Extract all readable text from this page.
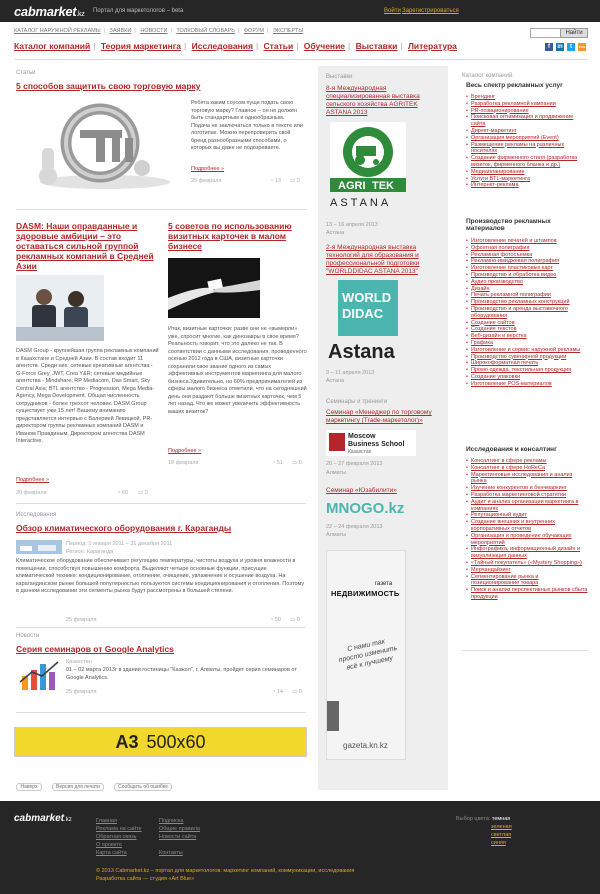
cabmarket.kz Портал для маркетологов – beta	Войти Зарегистрироваться
КАТАЛОГ НАРУЖНОЙ РЕКЛАМЫ | ЗАЯВКИ | НОВОСТИ | ТОЛКОВЫЙ СЛОВАРЬ | ФОРУМ | ЭКСПЕРТЫ
Каталог компаний | Теория маркетинга | Исследования | Статьи | Обучение | Выставки | Литература
Найти
f	in	t	rss
Статьи
5 способов защитить свою торговую марку
Ребята каким соусом пуще подать свою торговую марку? Главное – он не должен быть стандартным и однообразным. Подача не заключаться только в тексте или логотипах. Можно перепроверить свой бренд разнообразными способами, о которых вы даже не подозреваете.
Подробнее »
25 февраля	◔ 13 ▭ 0
DASM: Наши оправданные и здоровые амбиции – это оставаться сильной группой рекламных компаний в Средней Азии
DASM Group - крупнейшая группа рекламных компаний в Казахстане и Средней Азии. В состав входит 11 агентств. Среди них: сетевые креативные агентства - G-Force Grey, JWT, Crea Y&R; сетевые медийные агентства - Mindshare, RP Mediacom, Das Smart, Sky Central Asia; BTL агентство - Progression, Mega Media-Agency, Mega Development. Общая численность сотрудников - более трехсот человек. DASM Group существует уже 15 лет! Вашему вниманию представляется интервью с Валерией Левицкой, PR-директором группы рекламных компаний DASM и Иваном Правдиным, Директором агентства DASM Interactive.
Подробнее »
20 февраля	◔ 60 ▭ 0
5 советов по использованию визитных карточек в малом бизнесе
Итак, визитные карточки: разве они не «вымерли» уже, спросит многие, как динозавры в свое время? Реальность говорит, что это далеко не так. В соответствии с данными исследования, проведенного осенью 2012 года в США, визитные карточки сохранили свое звание одного из самых эффективных инструментов маркетинга для малого бизнеса.Удивительно, но 60% предпринимателей из сферы малого бизнеса отметили, что на сегодняшний день они раздают больше визитных карточек, чем 5 лет назад. Что же может увеличить эффективность ваших визиток?
Подробнее »
18 февраля	◔ 51 ▭ 0
Исследования
Обзор климатического оборудования г. Караганды
Период: 1 января 2011 – 31 декабря 2011
Регион: Караганда
Климатическое оборудование обеспечивает регуляцию температуры, чистоты воздуха и уровня влажности в помещении, способствуя повышению комфорта. Выделяют четыре основные функции, присущие климатической технике: кондиционирование, отопление, очищение, увлажнение и осушение воздуха. На карагандинском рынке большей популярностью пользуются системы кондиционирования и отопления. Поэтому в данном исследовании эти сегменты рынка будут рассмотрены в большей степени.
25 февраля	◔ 50 ▭ 0
Новости
Серия семинаров от Google Analytics
Казахстан
01 – 02 марта 2013г в здании гостиницы "Казжол", г. Алматы, пройдет серия семинаров от Google Analytics.
25 февраля	◔ 14 ▭ 0
A3 500x60
Наверх	Версия для печати	Сообщить об ошибке
Выставки
8-я Международная специализированная выставка сельского хозяйства AGRITEK ASTANA 2013
AGRI TEK
ASTANA
13 – 16 апреля 2013
Астана
2-я Международная выставка технологий для образования и профессиональной подготовки "WORLDDIDAC ASTANA 2013"
WORLD
DIDAC
Astana
9 – 11 апреля 2013
Астана
Семинары и тренинги
Семинар «Менеджер по торговому маркетингу (Trade-маркетолог)»
Moscow
Business School
Казахстан
20 – 27 февраля 2013
Алматы
Семинар «Юзабилити»
MNOGO.kz
22 – 24 февраля 2013
Алматы
газета
НЕДВИЖИМОСТЬ
С нами так просто изменить всё к лучшему
gazeta.kn.kz
Каталог компаний:
Весь спектр рекламных услуг
• Брендинг
• Разработка рекламной кампании
• PR-позиционирование
• Поисковая оптимизация и продвижение сайта
• Директ-маркетинг
• Организация мероприятий (Event)
• Размещение рекламы на различных носителях
• Создание фирменного стиля (разработка визиток, фирменного бланка и др.)
• Медиапланирование
• Услуги BTL-маркетинга
• Интернет-реклама
Производство рекламных материалов
• Изготовление печатей и штампов
• Офсетная полиграфия
• Рекламная фотосъемка
• Рекламно-имиджевая полиграфия
• Изготовление пластиковых карт
• Производство и обработка видео
• Аудио производство
• Дизайн
• Печать рекламной полиграфии
• Производство рекламных конструкций
• Производство и аренда выставочного оборудования
• Создание сайтов
• Создание текстов
• Веб-дизайн и верстка
• Графика
• Изготовление и сервис наружной рекламы
• Производство сувенирной продукции
• Широкоформатная печать
• Промо одежда, текстильная продукция
• Создание упаковки
• Изготовление POS-материалов
Исследования и консалтинг
• Консалтинг в сфере рекламы
• Консалтинг в сфере HoReCa
• Маркетинговые исследования и анализ рынка
• Изучение конкурентов и бенчмаркинг
• Разработка маркетинговой стратегии
• Аудит и анализ организации маркетинга в компаниях
• Репутационный аудит
• Создание внешних и внутренних корпоративных отчетов
• Организация и проведение обучающих мероприятий
• Инфографика, информационный дизайн и визуализация данных
• «Тайный покупатель» («Mystery Shopping»)
• Мерчандайзинг
• Сегментирование рынка и позиционирование товара
• Поиск и анализ перспективных рынков сбыта продукции
cabmarket.kz	Главная
Реклама на сайте
Обратная связь
О проекте
Карта сайта
Подписка
Общие правила
Новости сайта
Контакты
Выбор цвета: темная
зеленая
светлая
синяя
© 2013 Cabmarket.kz – портал для маркетологов: маркетинг компаний, коммуникации, исследования
Разработка сайта — студия «Art Blue»
